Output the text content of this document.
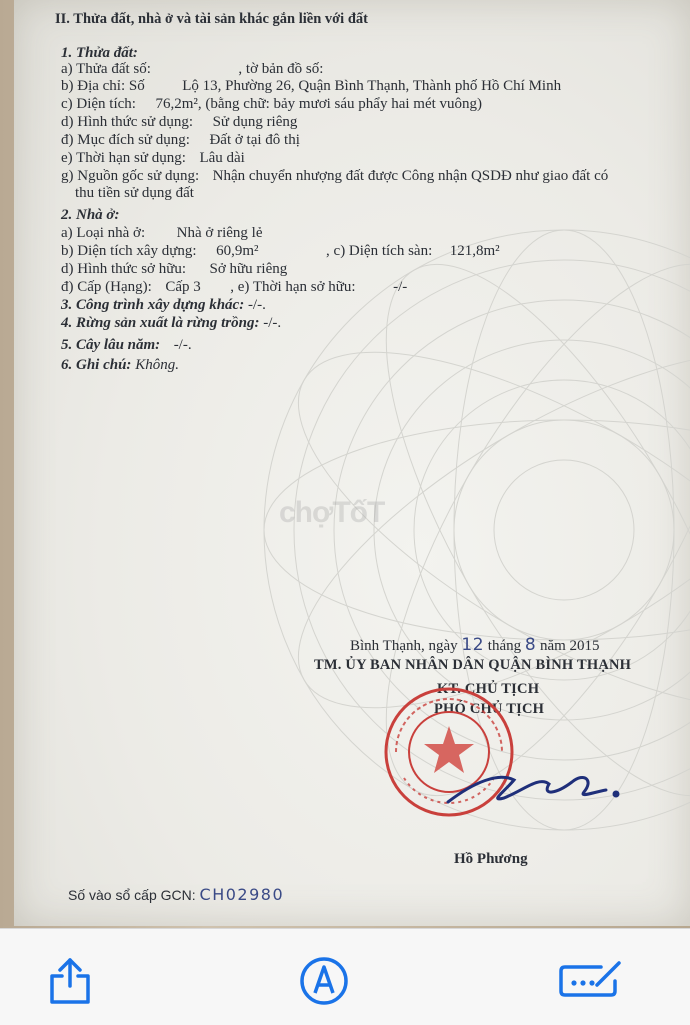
chợTốT
II. Thửa đất, nhà ở và tài sản khác gắn liền với đất
1. Thửa đất:
a) Thửa đất số:	, tờ bản đồ số:
b) Địa chỉ: Số	Lộ 13, Phường 26, Quận Bình Thạnh, Thành phố Hồ Chí Minh
c) Diện tích: 76,2m², (bằng chữ: bảy mươi sáu phẩy hai mét vuông)
d) Hình thức sử dụng: Sử dụng riêng
đ) Mục đích sử dụng: Đất ở tại đô thị
e) Thời hạn sử dụng: Lâu dài
g) Nguồn gốc sử dụng: Nhận chuyển nhượng đất được Công nhận QSDĐ như giao đất có
thu tiền sử dụng đất
2. Nhà ở:
a) Loại nhà ở: Nhà ở riêng lẻ
b) Diện tích xây dựng: 60,9m²	, c) Diện tích sàn: 121,8m²
d) Hình thức sở hữu: Sở hữu riêng
đ) Cấp (Hạng): Cấp 3 , e) Thời hạn sở hữu:	-/-
3. Công trình xây dựng khác: -/-.
4. Rừng sản xuất là rừng trồng: -/-.
5. Cây lâu năm: -/-.
6. Ghi chú: Không.
Bình Thạnh, ngày 12 tháng 8 năm 2015
TM. ỦY BAN NHÂN DÂN QUẬN BÌNH THẠNH
KT. CHỦ TỊCH
PHÓ CHỦ TỊCH
Hồ Phương
Số vào sổ cấp GCN: CH02980
